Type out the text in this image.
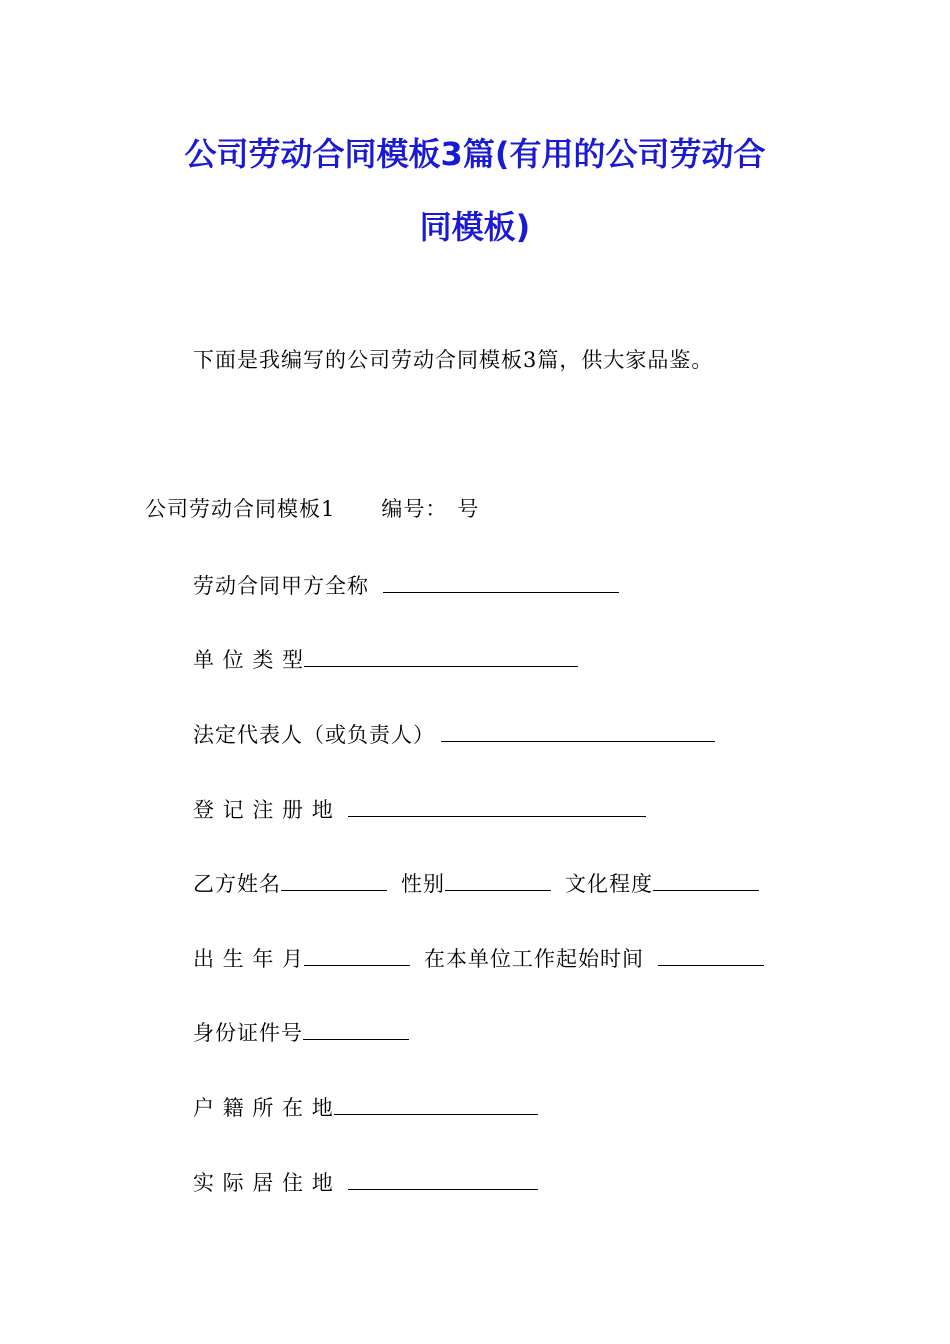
公司劳动合同模板3篇(有用的公司劳动合
同模板)
下面是我编写的公司劳动合同模板3篇，供大家品鉴。
公司劳动合同模板1 编号： 号
劳动合同甲方全称
单 位 类 型
法定代表人（或负责人）
登 记 注 册 地
乙方姓名	性别	文化程度
出 生 年 月	在本单位工作起始时间
身份证件号
户 籍 所 在 地
实 际 居 住 地
